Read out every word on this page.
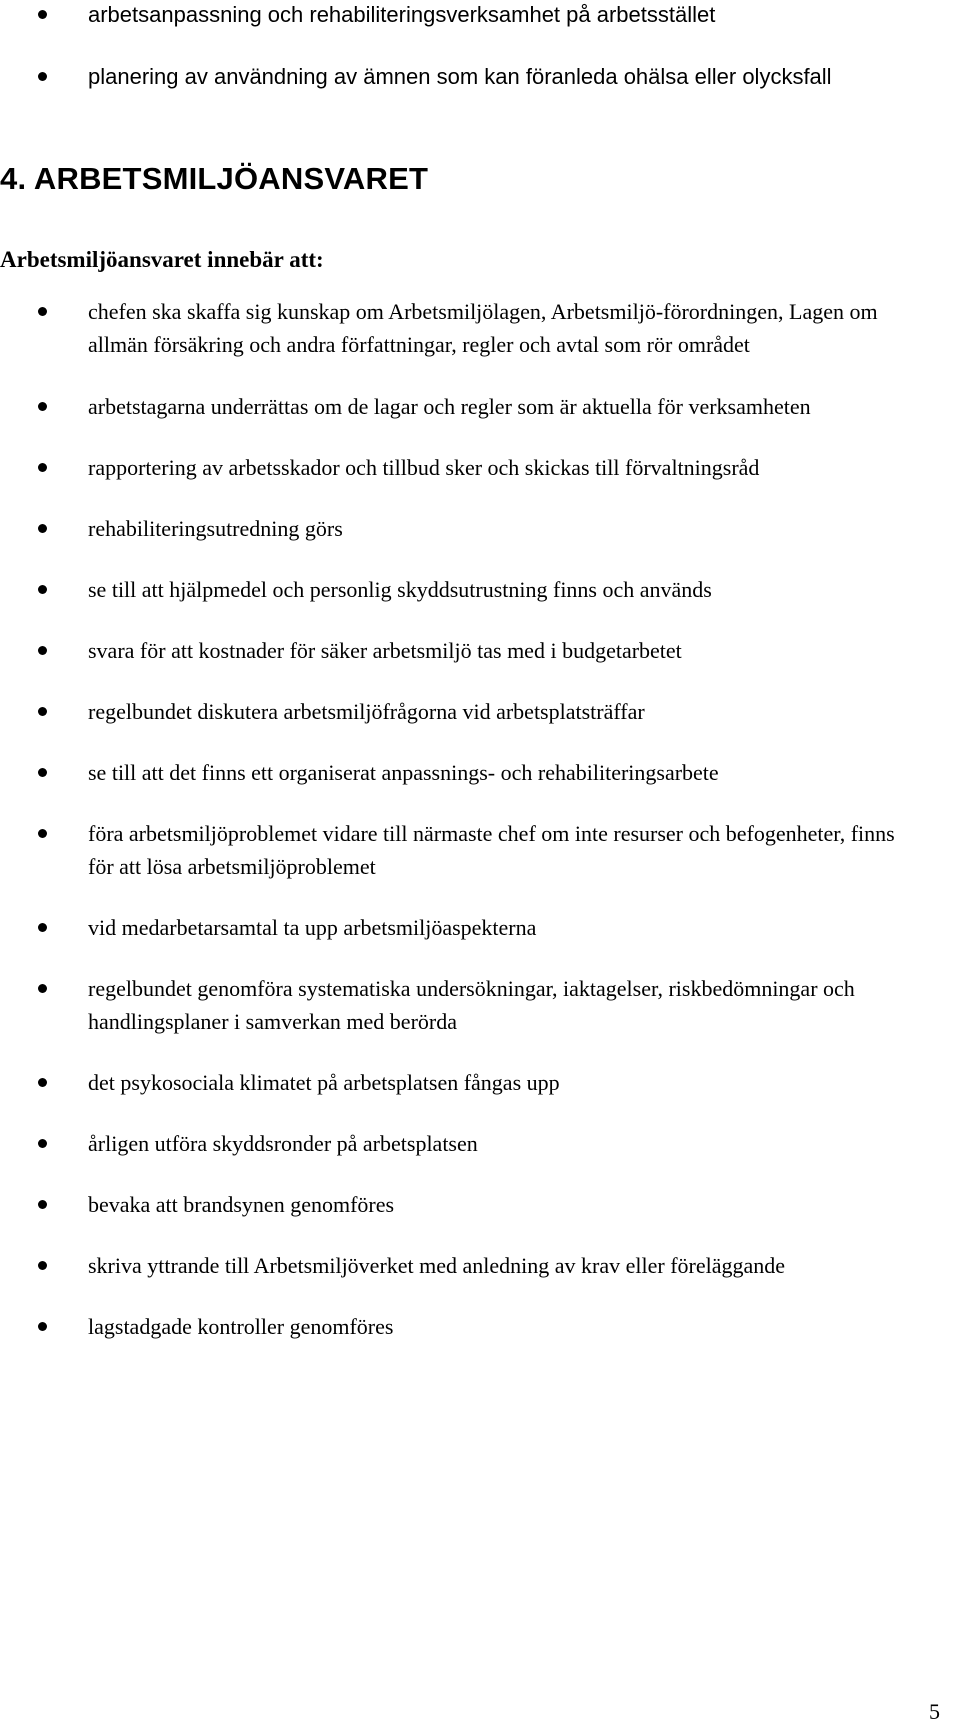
arbetsanpassning och rehabiliteringsverksamhet på arbetsstället
planering av användning av ämnen som kan föranleda ohälsa eller olycksfall
4. ARBETSMILJÖANSVARET

Arbetsmiljöansvaret innebär att:

chefen ska skaffa sig kunskap om Arbetsmiljölagen, Arbetsmiljö-förordningen, Lagen om allmän försäkring och andra författningar, regler och avtal som rör området
arbetstagarna underrättas om de lagar och regler som är aktuella för verksamheten
rapportering av arbetsskador och tillbud sker och skickas till förvaltningsråd
rehabiliteringsutredning görs
se till att hjälpmedel och personlig skyddsutrustning finns och används
svara för att kostnader för säker arbetsmiljö tas med i budgetarbetet
regelbundet diskutera arbetsmiljöfrågorna vid arbetsplatsträffar
se till att det finns ett organiserat anpassnings- och rehabiliteringsarbete
föra arbetsmiljöproblemet vidare till närmaste chef om inte resurser och befogenheter, finns för att lösa arbetsmiljöproblemet
vid medarbetarsamtal ta upp arbetsmiljöaspekterna
regelbundet genomföra systematiska undersökningar, iaktagelser, riskbedömningar och handlingsplaner i samverkan med berörda
det psykosociala klimatet på arbetsplatsen fångas upp
årligen utföra skyddsronder på arbetsplatsen
bevaka att brandsynen genomföres
skriva yttrande till Arbetsmiljöverket med anledning av krav eller föreläggande
lagstadgade kontroller genomföres
5
